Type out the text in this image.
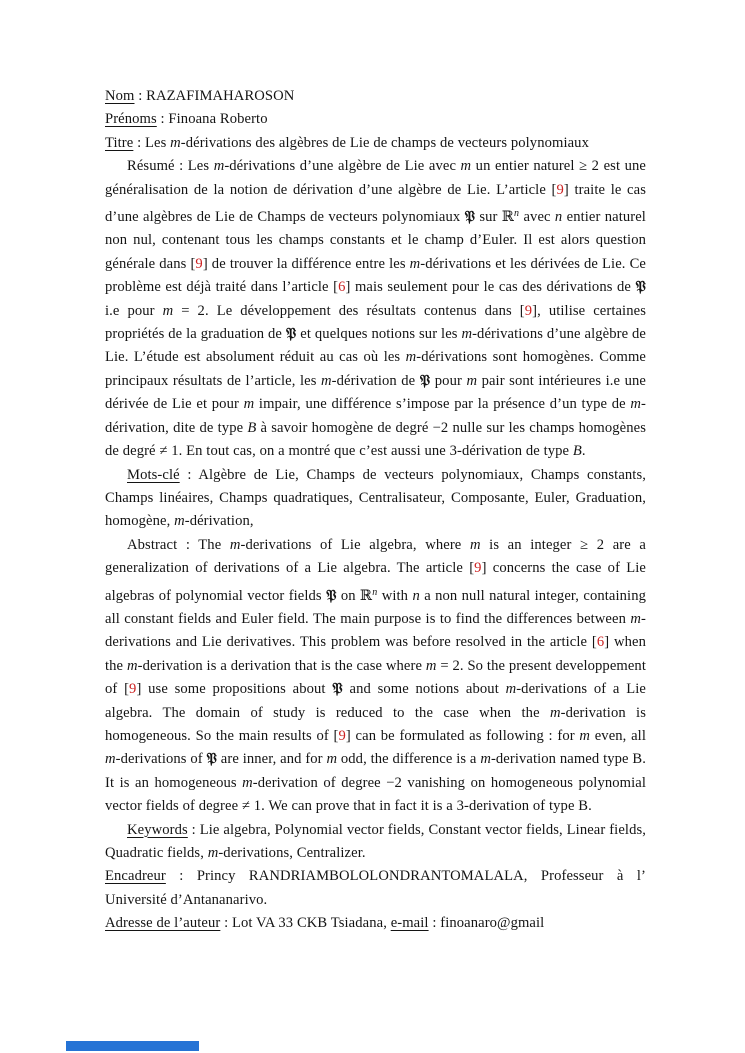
Nom : RAZAFIMAHAROSON

Prénoms : Finoana Roberto

Titre : Les m-dérivations des algèbres de Lie de champs de vecteurs polynomiaux

Résumé : Les m-dérivations d’une algèbre de Lie avec m un entier naturel ≥ 2 est une généralisation de la notion de dérivation d’une algèbre de Lie. L’article [9] traite le cas d’une algèbres de Lie de Champs de vecteurs polynomiaux 𝔓 sur ℝ$^n$ avec n entier naturel non nul, contenant tous les champs constants et le champ d’Euler. Il est alors question générale dans [9] de trouver la différence entre les m-dérivations et les dérivées de Lie. Ce problème est déjà traité dans l’article [6] mais seulement pour le cas des dérivations de 𝔓 i.e pour m = 2. Le développement des résultats contenus dans [9], utilise certaines propriétés de la graduation de 𝔓 et quelques notions sur les m-dérivations d’une algèbre de Lie. L’étude est absolument réduit au cas où les m-dérivations sont homogènes. Comme principaux résultats de l’article, les m-dérivation de 𝔓 pour m pair sont intérieures i.e une dérivée de Lie et pour m impair, une différence s’impose par la présence d’un type de m-dérivation, dite de type B à savoir homogène de degré −2 nulle sur les champs homogènes de degré ≠ 1. En tout cas, on a montré que c’est aussi une 3-dérivation de type B.

Mots-clé : Algèbre de Lie, Champs de vecteurs polynomiaux, Champs constants, Champs linéaires, Champs quadratiques, Centralisateur, Composante, Euler, Graduation, homogène, m-dérivation,

Abstract : The m-derivations of Lie algebra, where m is an integer ≥ 2 are a generalization of derivations of a Lie algebra. The article [9] concerns the case of Lie algebras of polynomial vector fields 𝔓 on ℝ$^n$ with n a non null natural integer, containing all constant fields and Euler field. The main purpose is to find the differences between m-derivations and Lie derivatives. This problem was before resolved in the article [6] when the m-derivation is a derivation that is the case where m = 2. So the present developpement of [9] use some propositions about 𝔓 and some notions about m-derivations of a Lie algebra. The domain of study is reduced to the case when the m-derivation is homogeneous. So the main results of [9] can be formulated as following : for m even, all m-derivations of 𝔓 are inner, and for m odd, the difference is a m-derivation named type B. It is an homogeneous m-derivation of degree −2 vanishing on homogeneous polynomial vector fields of degree ≠ 1. We can prove that in fact it is a 3-derivation of type B.

Keywords : Lie algebra, Polynomial vector fields, Constant vector fields, Linear fields, Quadratic fields, m-derivations, Centralizer.

Encadreur : Princy RANDRIAMBOLOLONDRANTOMALALA, Professeur à l’ Université d’Antananarivo.

Adresse de l’auteur : Lot VA 33 CKB Tsiadana, e-mail : finoanaro@gmail
